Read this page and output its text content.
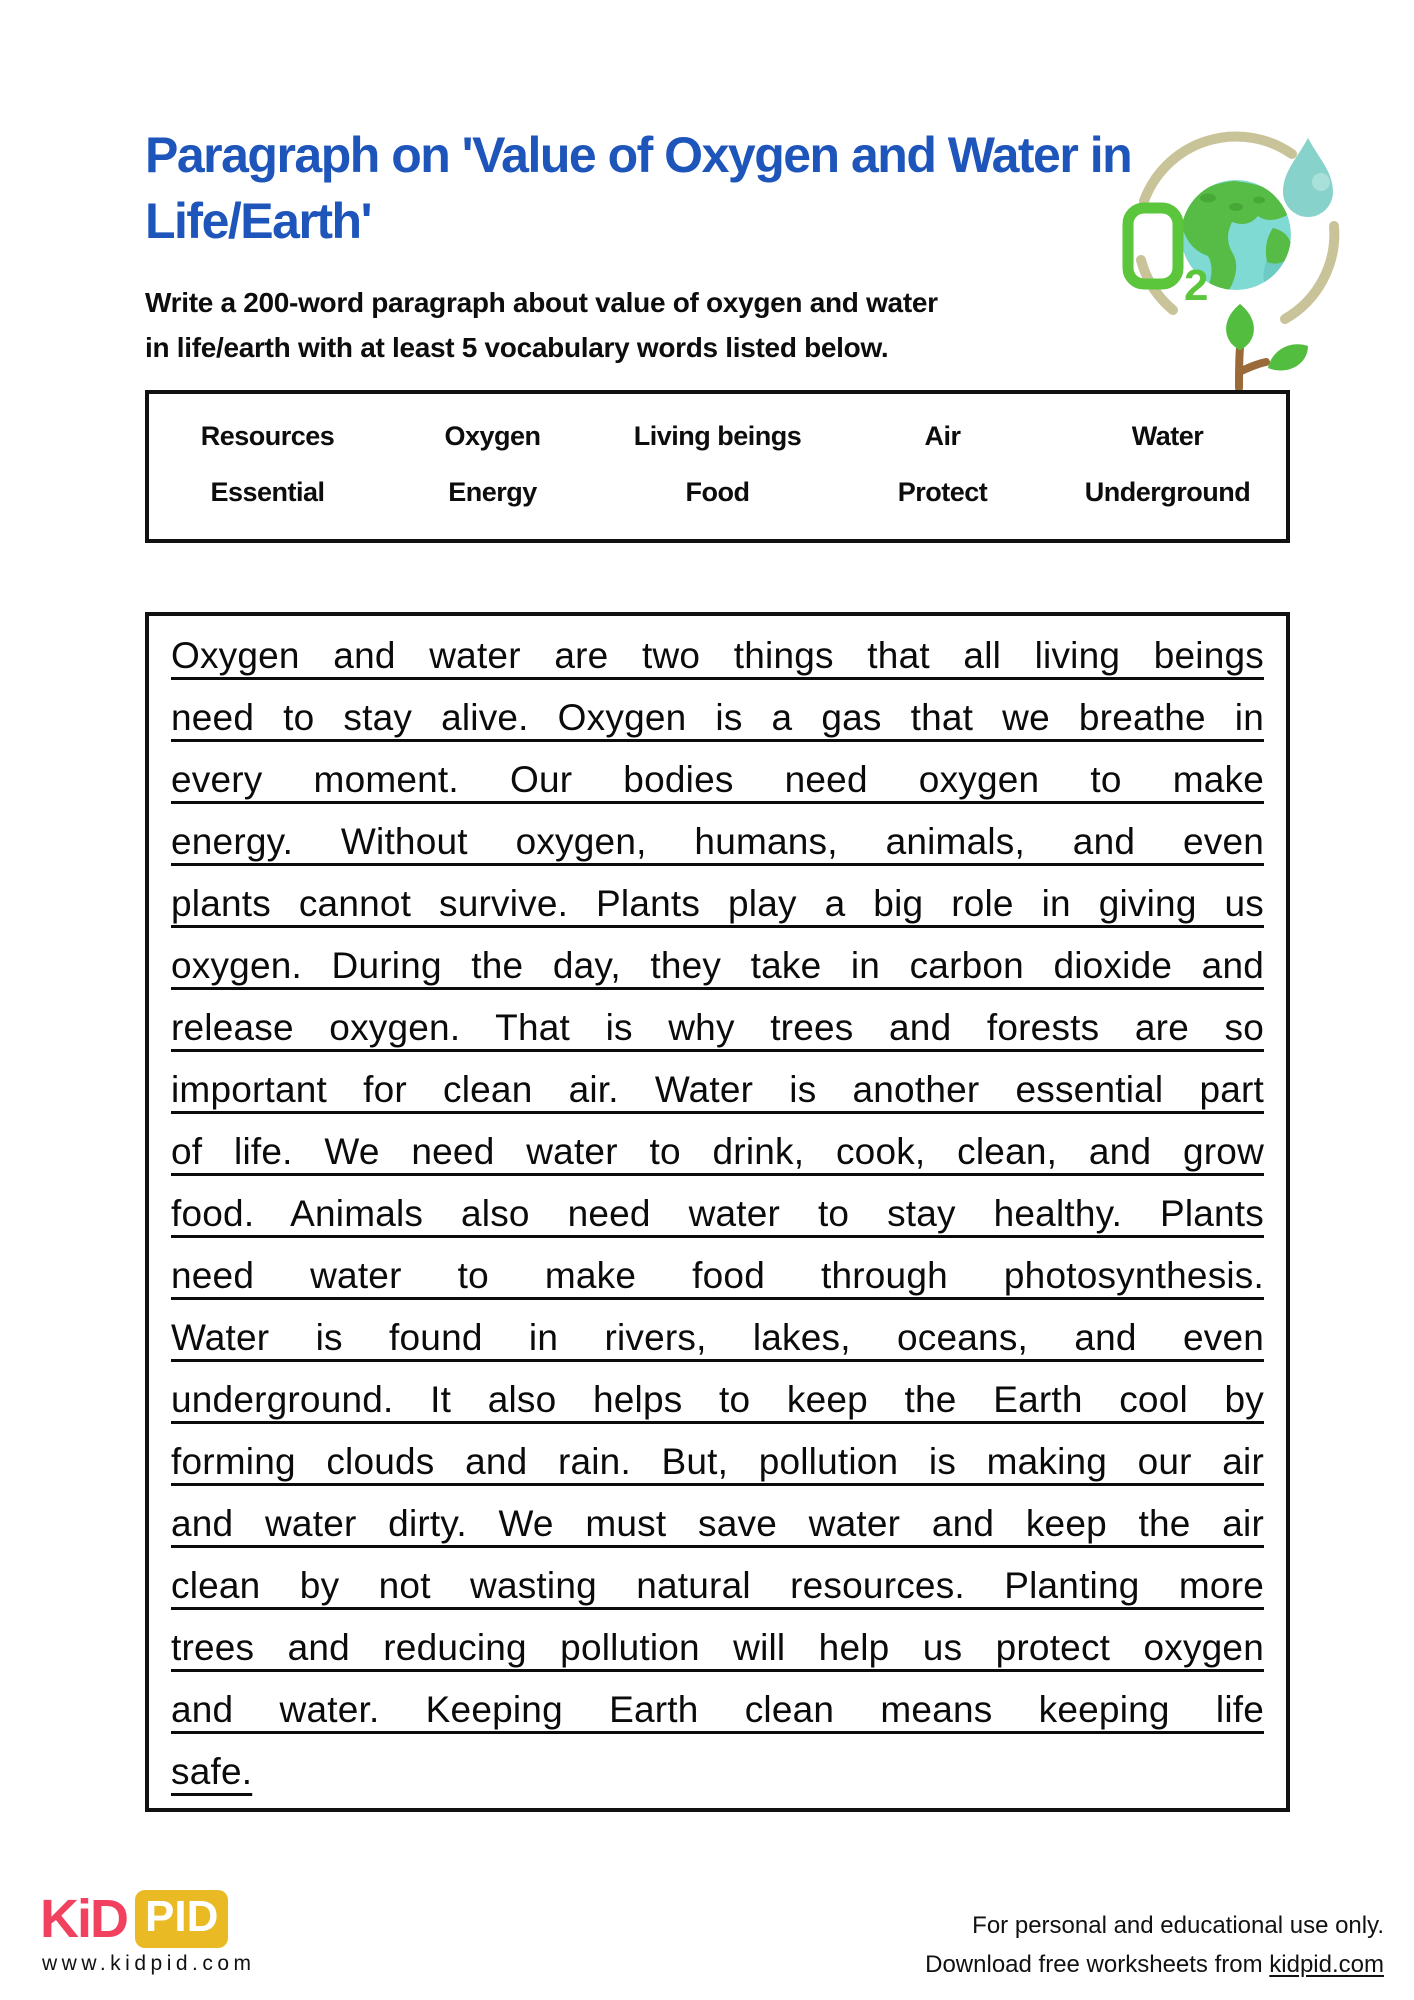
Paragraph on 'Value of Oxygen and Water in
Life/Earth'
Write a 200-word paragraph about value of oxygen and water
in life/earth with at least 5 vocabulary words listed below.
2
Resources	Oxygen	Living beings	Air	Water
Essential	Energy	Food	Protect	Underground
Oxygen and water are two things that all living beings
need to stay alive. Oxygen is a gas that we breathe in
every moment. Our bodies need oxygen to make
energy. Without oxygen, humans, animals, and even
plants cannot survive. Plants play a big role in giving us
oxygen. During the day, they take in carbon dioxide and
release oxygen. That is why trees and forests are so
important for clean air. Water is another essential part
of life. We need water to drink, cook, clean, and grow
food. Animals also need water to stay healthy. Plants
need water to make food through photosynthesis.
Water is found in rivers, lakes, oceans, and even
underground. It also helps to keep the Earth cool by
forming clouds and rain. But, pollution is making our air
and water dirty. We must save water and keep the air
clean by not wasting natural resources. Planting more
trees and reducing pollution will help us protect oxygen
and water. Keeping Earth clean means keeping life
safe.
KiD PID
www.kidpid.com
For personal and educational use only.
Download free worksheets from kidpid.com
